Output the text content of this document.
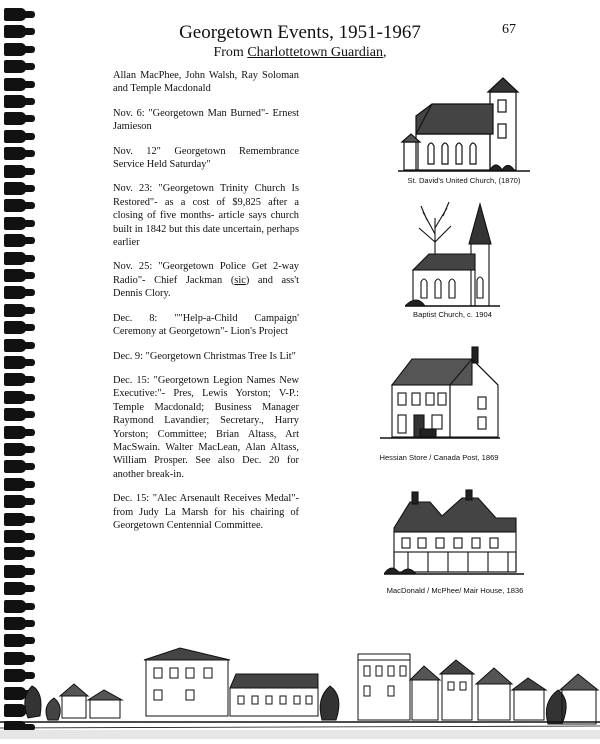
Georgetown Events, 1951-1967
From Charlottetown Guardian,
67

Allan MacPhee, John Walsh, Ray Soloman and Temple Macdonald

Nov. 6: "Georgetown Man Burned"- Ernest Jamieson

Nov. 12" Georgetown Remembrance Service Held Saturday"

Nov. 23: "Georgetown Trinity Church Is Restored"- as a cost of $9,825 after a closing of five months- article says church built in 1842 but this date uncertain, perhaps earlier

Nov. 25: "Georgetown Police Get 2-way Radio"- Chief Jackman (sic) and ass't Dennis Clory.

Dec. 8: ""Help-a-Child Campaign' Ceremony at Georgetown"- Lion's Project

Dec. 9: "Georgetown Christmas Tree Is Lit"

Dec. 15: "Georgetown Legion Names New Executive:"- Pres, Lewis Yorston; V-P.: Temple Macdonald; Business Manager Raymond Lavandier; Secretary., Harry Yorston; Committee; Brian Altass, Art MacSwain. Walter MacLean, Alan Altass, William Prosper. See also Dec. 20 for another break-in.

Dec. 15: "Alec Arsenault Receives Medal"- from Judy La Marsh for his chairing of Georgetown Centennial Committee.

St. David's United Church, (1870)
Baptist Church, c. 1904
Hessian Store / Canada Post, 1869
MacDonald / McPhee/ Mair House, 1836
